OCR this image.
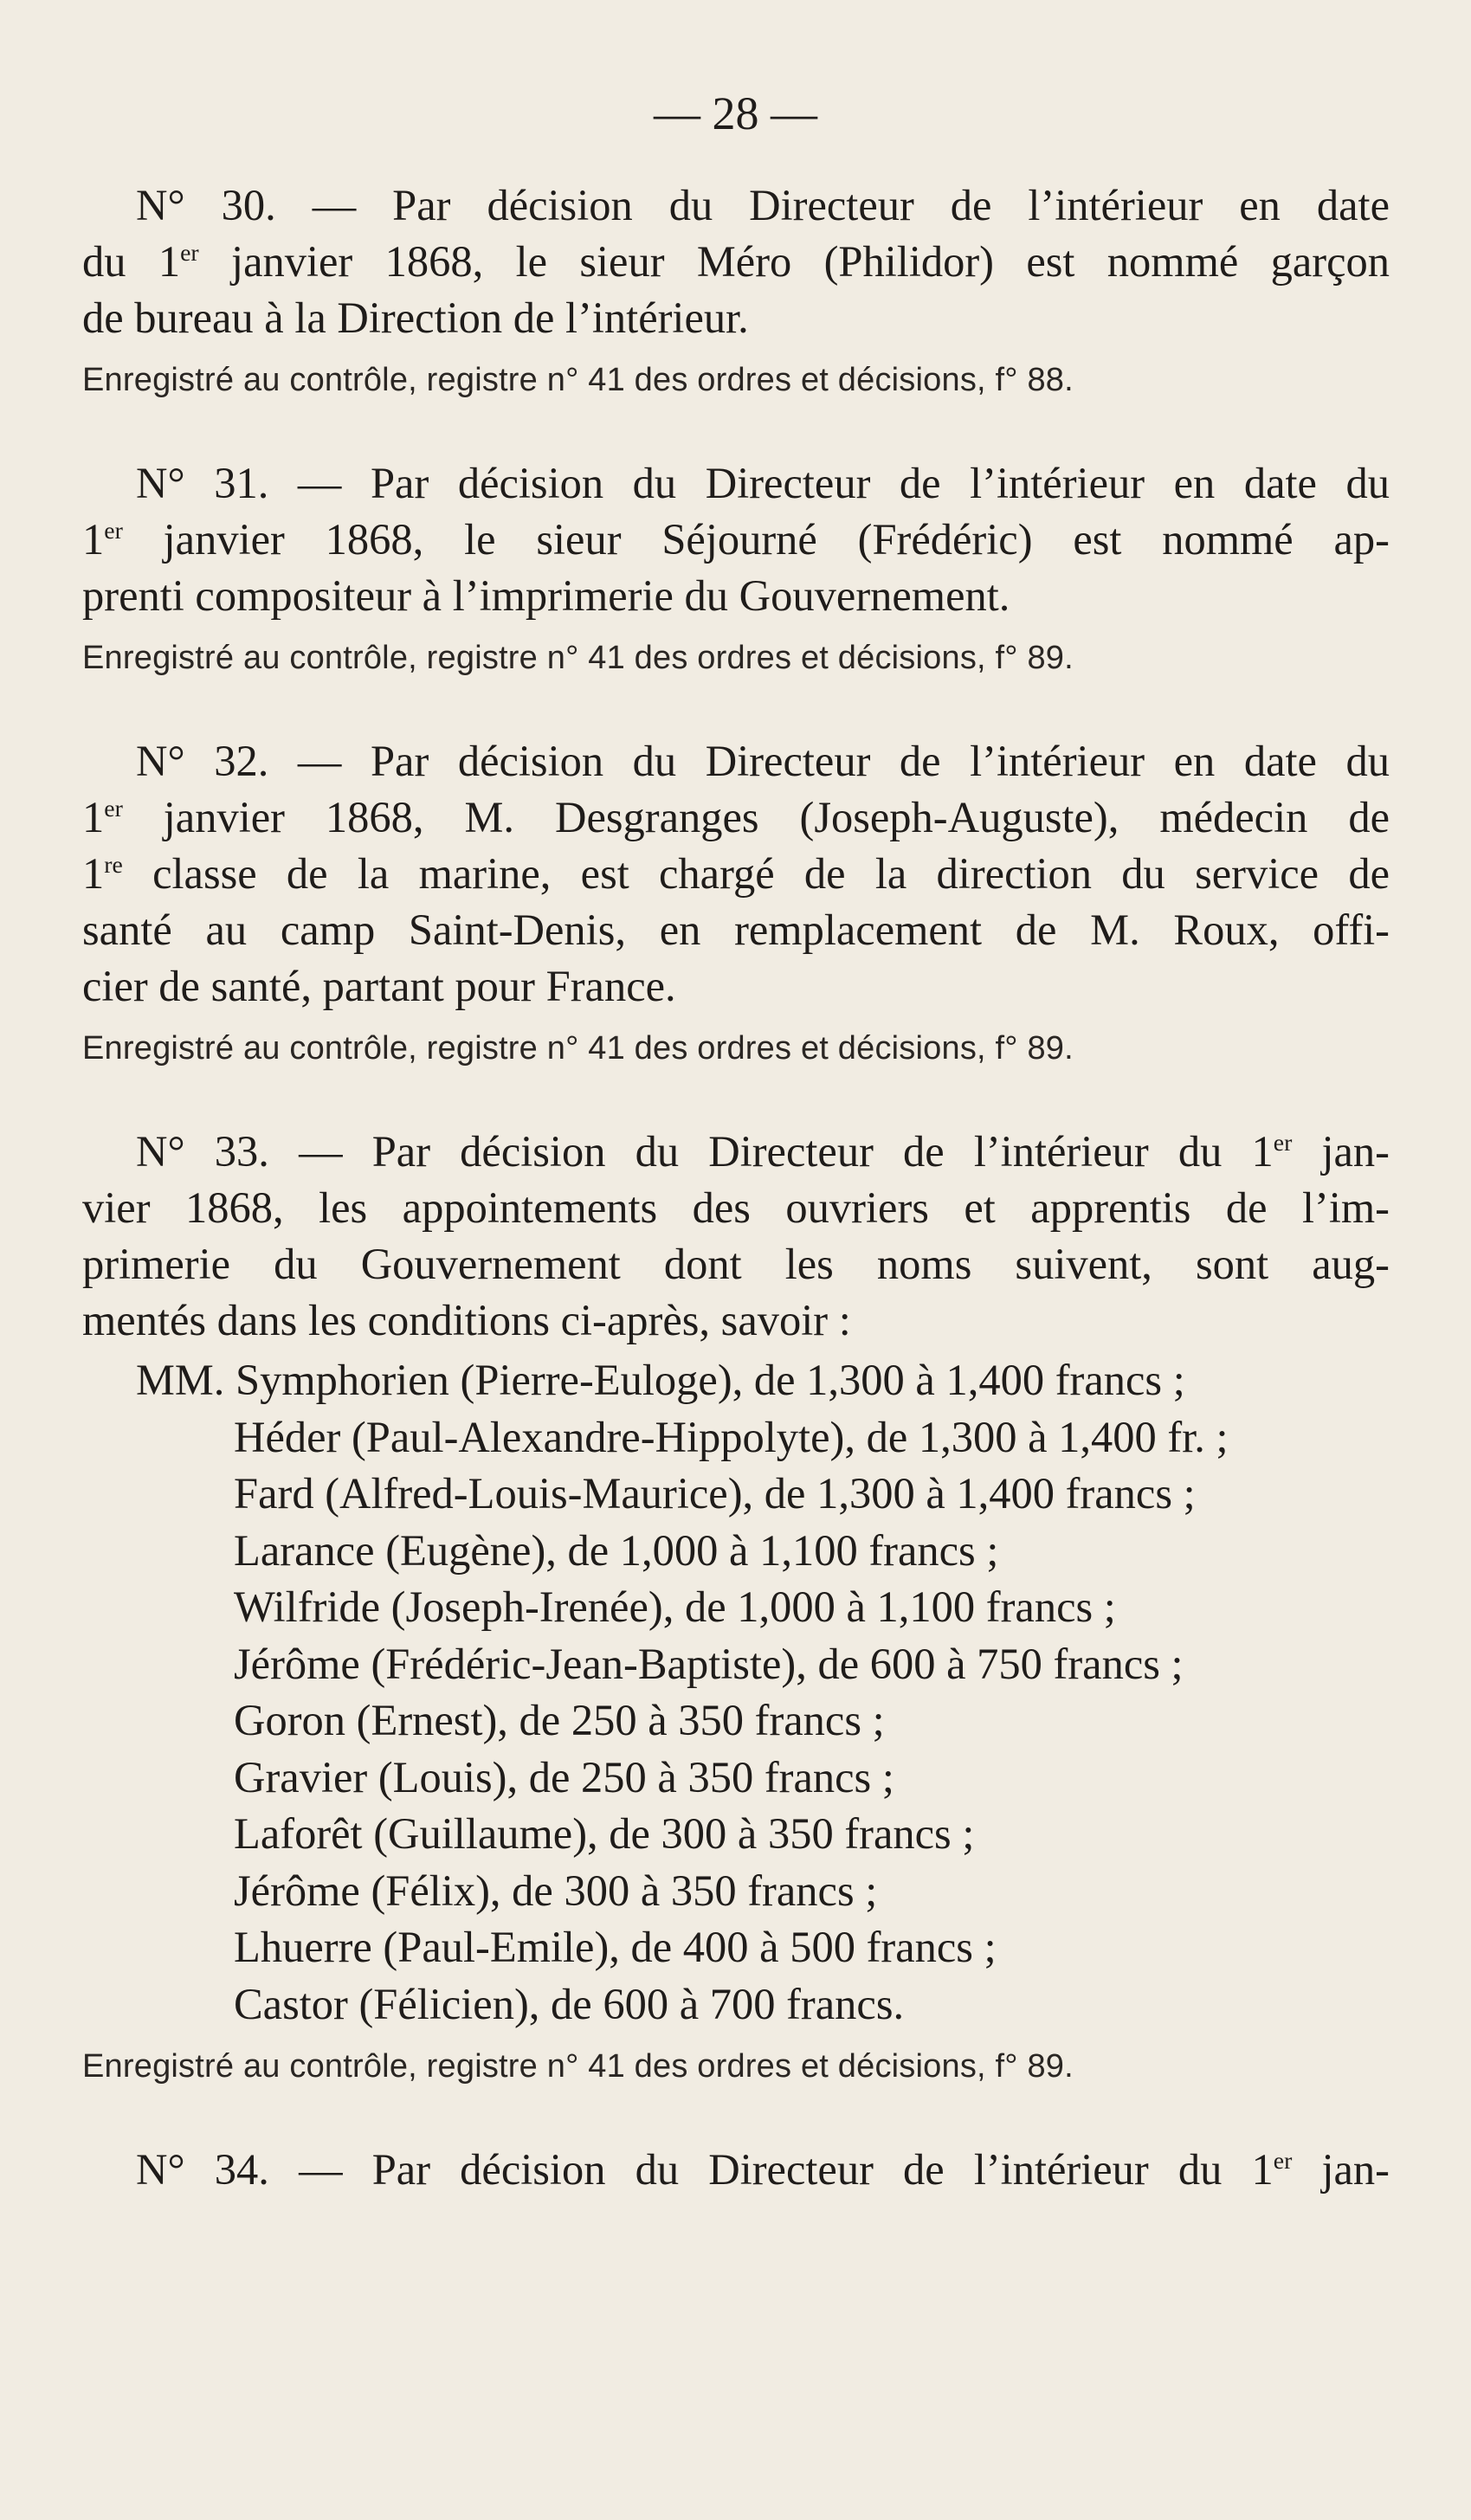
— 28 —

N° 30. — Par décision du Directeur de l’intérieur en date
du 1er janvier 1868, le sieur Méro (Philidor) est nommé garçon
de bureau à la Direction de l’intérieur.

Enregistré au contrôle, registre n° 41 des ordres et décisions, f° 88.

N° 31. — Par décision du Directeur de l’intérieur en date du
1er janvier 1868, le sieur Séjourné (Frédéric) est nommé ap-
prenti compositeur à l’imprimerie du Gouvernement.

Enregistré au contrôle, registre n° 41 des ordres et décisions, f° 89.

N° 32. — Par décision du Directeur de l’intérieur en date du
1er janvier 1868, M. Desgranges (Joseph-Auguste), médecin de
1re classe de la marine, est chargé de la direction du service de
santé au camp Saint-Denis, en remplacement de M. Roux, offi-
cier de santé, partant pour France.

Enregistré au contrôle, registre n° 41 des ordres et décisions, f° 89.

N° 33. — Par décision du Directeur de l’intérieur du 1er jan-
vier 1868, les appointements des ouvriers et apprentis de l’im-
primerie du Gouvernement dont les noms suivent, sont aug-
mentés dans les conditions ci-après, savoir :

MM. Symphorien (Pierre-Euloge), de 1,300 à 1,400 francs ;
Héder (Paul-Alexandre-Hippolyte), de 1,300 à 1,400 fr. ;
Fard (Alfred-Louis-Maurice), de 1,300 à 1,400 francs ;
Larance (Eugène), de 1,000 à 1,100 francs ;
Wilfride (Joseph-Irenée), de 1,000 à 1,100 francs ;
Jérôme (Frédéric-Jean-Baptiste), de 600 à 750 francs ;
Goron (Ernest), de 250 à 350 francs ;
Gravier (Louis), de 250 à 350 francs ;
Laforêt (Guillaume), de 300 à 350 francs ;
Jérôme (Félix), de 300 à 350 francs ;
Lhuerre (Paul-Emile), de 400 à 500 francs ;
Castor (Félicien), de 600 à 700 francs.
Enregistré au contrôle, registre n° 41 des ordres et décisions, f° 89.

N° 34. — Par décision du Directeur de l’intérieur du 1er jan-
